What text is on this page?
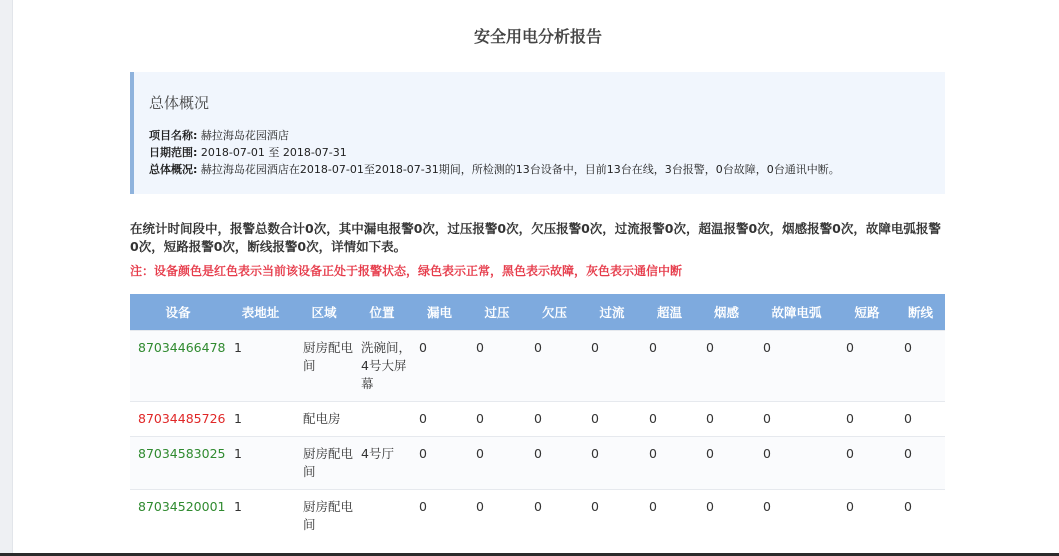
安全用电分析报告
总体概况
项目名称: 赫拉海岛花园酒店
日期范围: 2018-07-01 至 2018-07-31
总体概况: 赫拉海岛花园酒店在2018-07-01至2018-07-31期间，所检测的13台设备中，目前13台在线，3台报警，0台故障，0台通讯中断。
在统计时间段中，报警总数合计0次，其中漏电报警0次，过压报警0次，欠压报警0次，过流报警0次，超温报警0次，烟感报警0次，故障电弧报警0次，短路报警0次，断线报警0次，详情如下表。
注：设备颜色是红色表示当前该设备正处于报警状态，绿色表示正常，黑色表示故障，灰色表示通信中断
设备	表地址	区域	位置	漏电	过压	欠压	过流	超温	烟感	故障电弧	短路	断线
87034466478	1	厨房配电间	洗碗间，4号大屏幕	0	0	0	0	0	0	0	0	0
87034485726	1	配电房		0	0	0	0	0	0	0	0	0
87034583025	1	厨房配电间	4号厅	0	0	0	0	0	0	0	0	0
87034520001	1	厨房配电间		0	0	0	0	0	0	0	0	0
